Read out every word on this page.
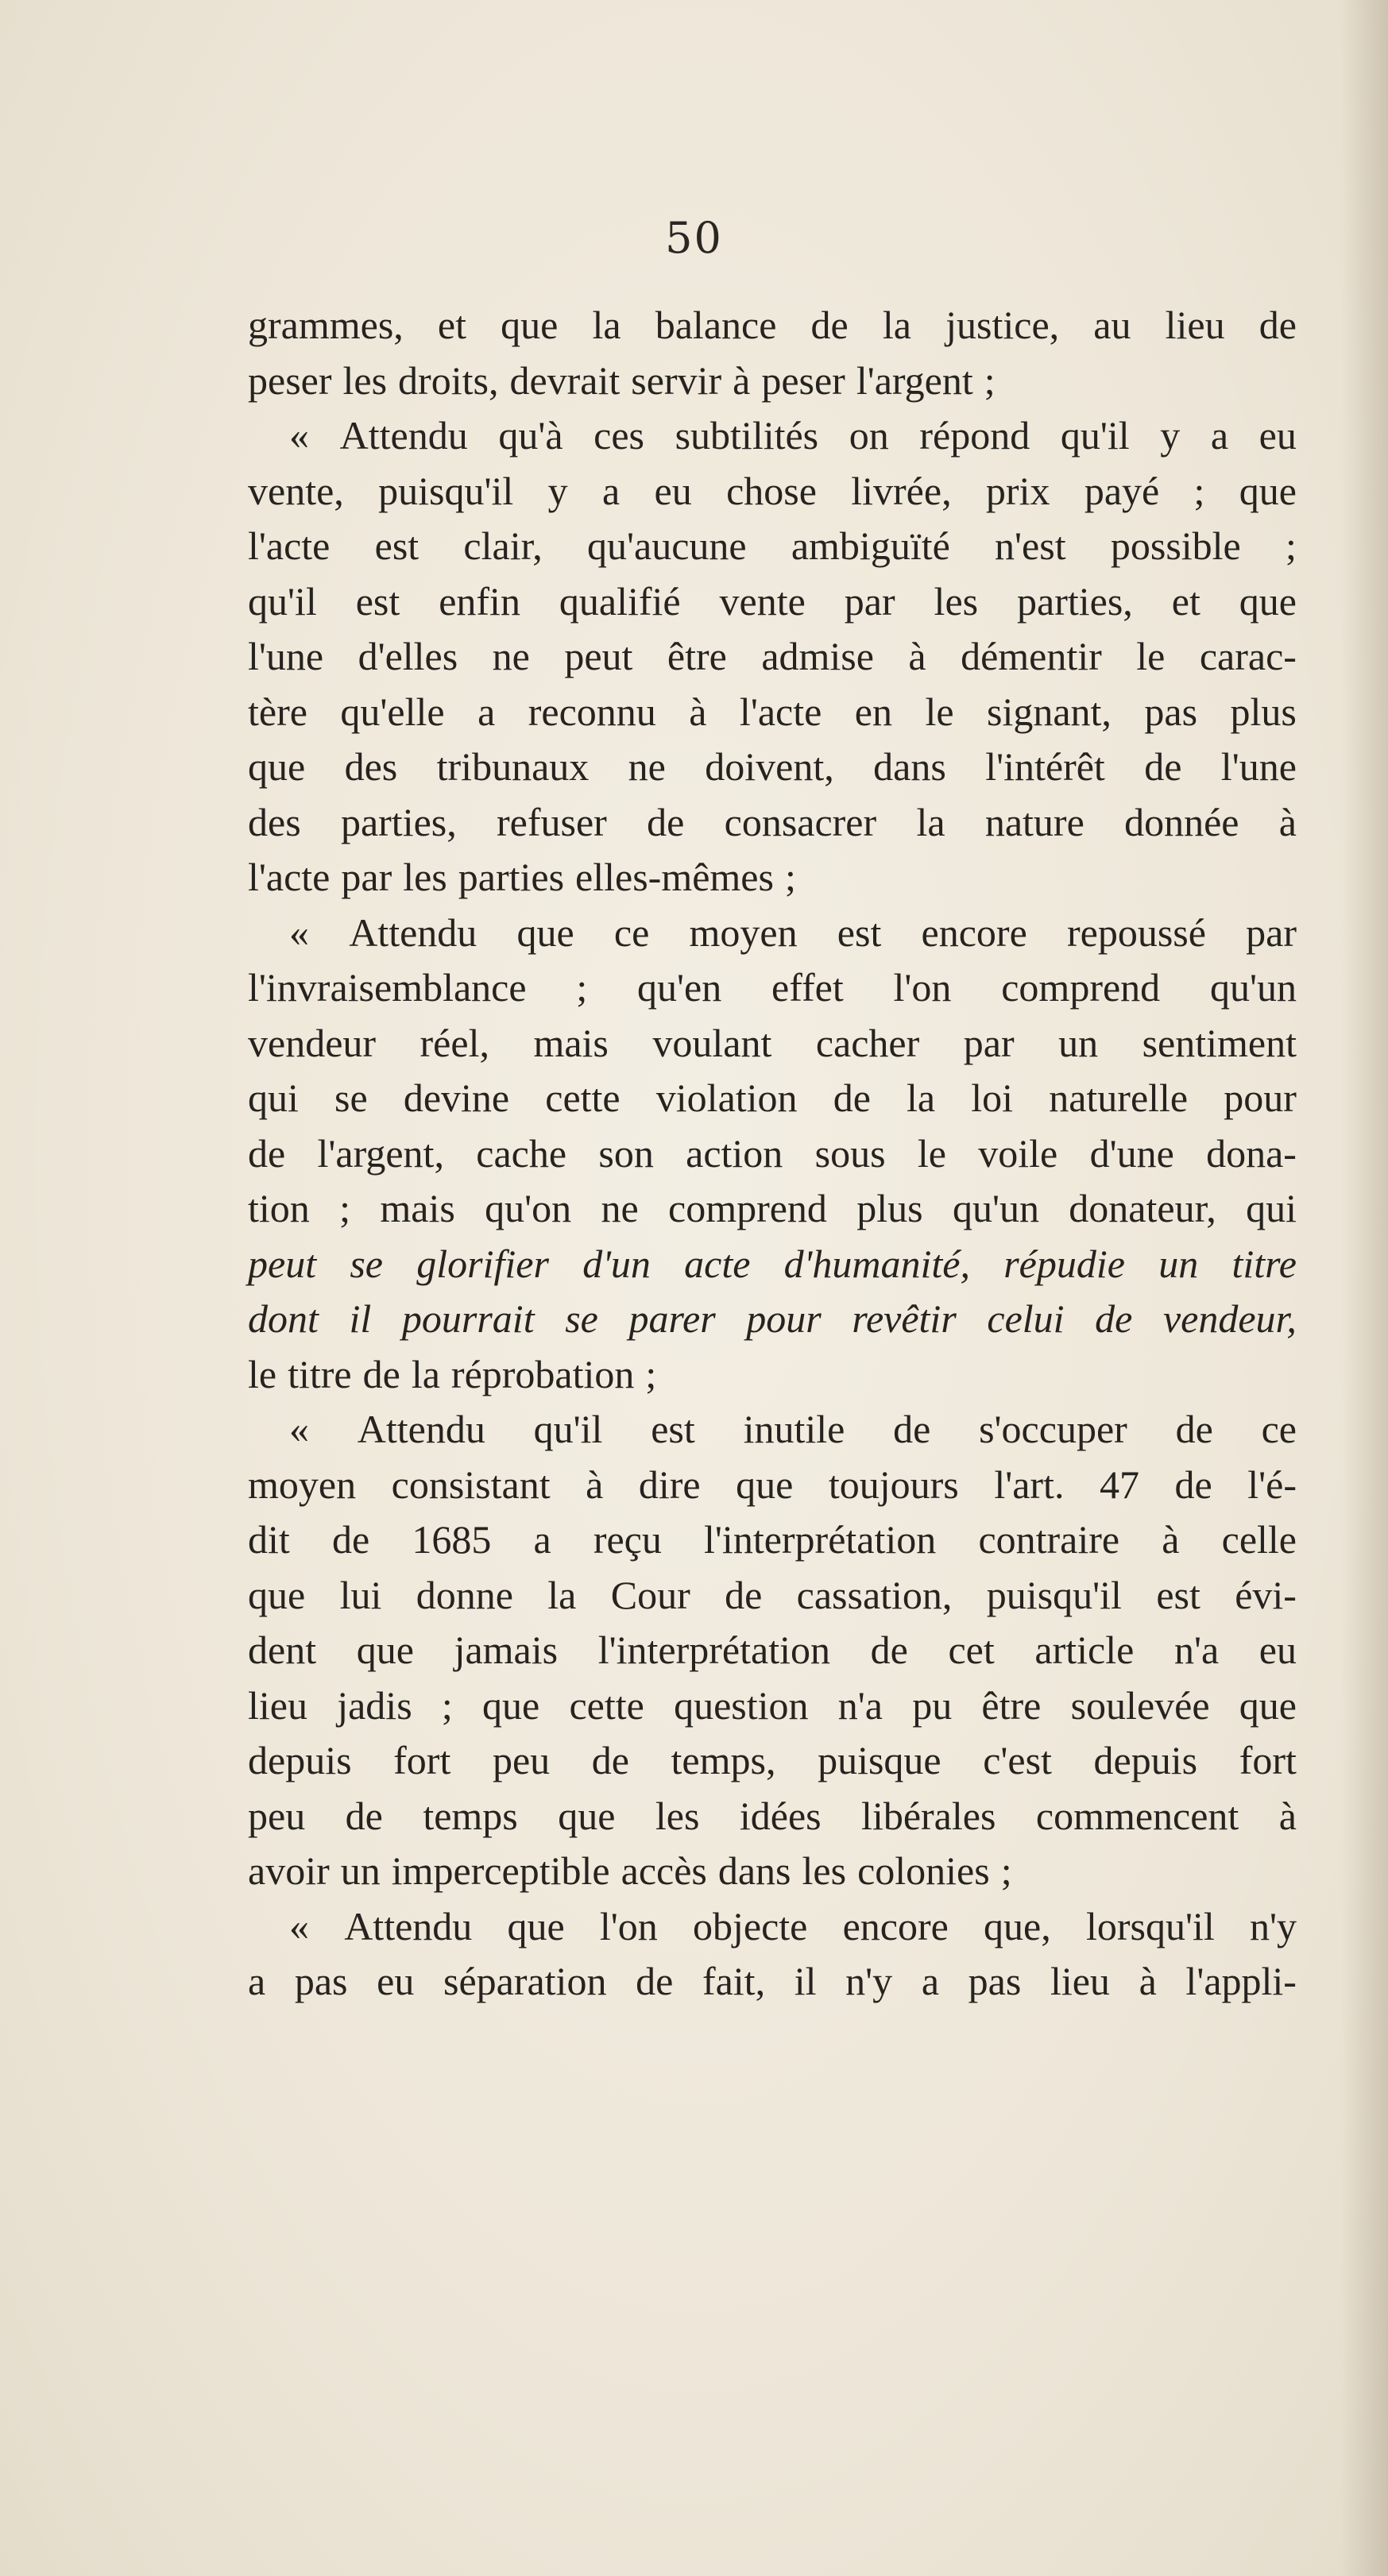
50
grammes, et que la balance de la justice, au lieu de
peser les droits, devrait servir à peser l'argent ;
« Attendu qu'à ces subtilités on répond qu'il y a eu
vente, puisqu'il y a eu chose livrée, prix payé ; que
l'acte est clair, qu'aucune ambiguïté n'est possible ;
qu'il est enfin qualifié vente par les parties, et que
l'une d'elles ne peut être admise à démentir le carac-
tère qu'elle a reconnu à l'acte en le signant, pas plus
que des tribunaux ne doivent, dans l'intérêt de l'une
des parties, refuser de consacrer la nature donnée à
l'acte par les parties elles-mêmes ;
« Attendu que ce moyen est encore repoussé par
l'invraisemblance ; qu'en effet l'on comprend qu'un
vendeur réel, mais voulant cacher par un sentiment
qui se devine cette violation de la loi naturelle pour
de l'argent, cache son action sous le voile d'une dona-
tion ; mais qu'on ne comprend plus qu'un donateur, qui
peut se glorifier d'un acte d'humanité, répudie un titre
dont il pourrait se parer pour revêtir celui de vendeur,
le titre de la réprobation ;
« Attendu qu'il est inutile de s'occuper de ce
moyen consistant à dire que toujours l'art. 47 de l'é-
dit de 1685 a reçu l'interprétation contraire à celle
que lui donne la Cour de cassation, puisqu'il est évi-
dent que jamais l'interprétation de cet article n'a eu
lieu jadis ; que cette question n'a pu être soulevée que
depuis fort peu de temps, puisque c'est depuis fort
peu de temps que les idées libérales commencent à
avoir un imperceptible accès dans les colonies ;
« Attendu que l'on objecte encore que, lorsqu'il n'y
a pas eu séparation de fait, il n'y a pas lieu à l'appli-
